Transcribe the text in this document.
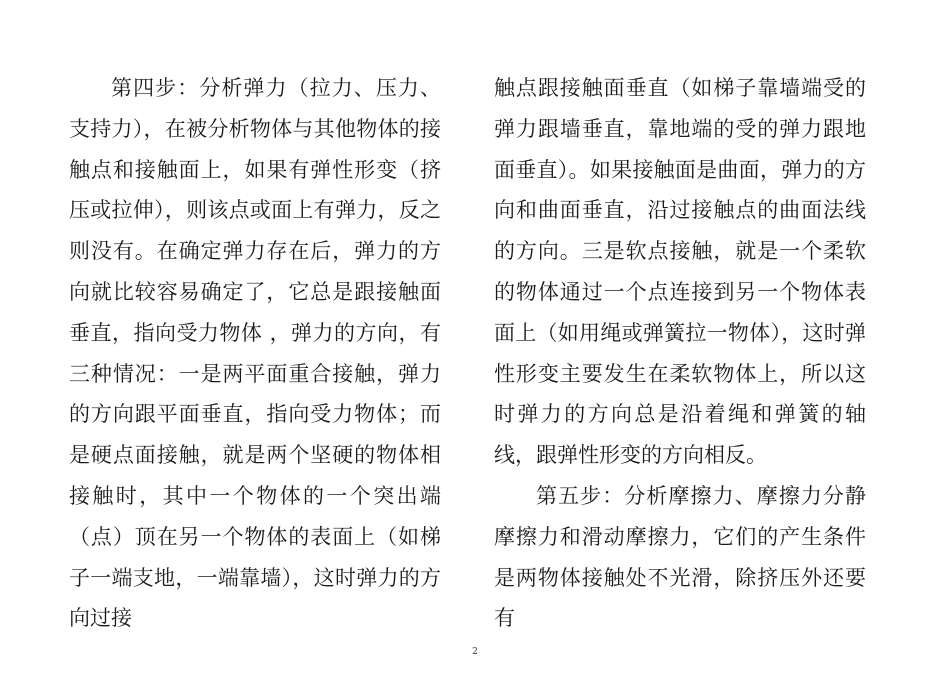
第四步：分析弹力（拉力、压力、支持力），在被分析物体与其他物体的接触点和接触面上，如果有弹性形变（挤压或拉伸），则该点或面上有弹力，反之则没有。在确定弹力存在后，弹力的方向就比较容易确定了，它总是跟接触面垂直，指向受力物体 ，弹力的方向，有三种情况：一是两平面重合接触，弹力的方向跟平面垂直，指向受力物体；而是硬点面接触，就是两个坚硬的物体相接触时，其中一个物体的一个突出端（点）顶在另一个物体的表面上（如梯子一端支地，一端靠墙），这时弹力的方向过接

触点跟接触面垂直（如梯子靠墙端受的弹力跟墙垂直，靠地端的受的弹力跟地面垂直）。如果接触面是曲面，弹力的方向和曲面垂直，沿过接触点的曲面法线的方向。三是软点接触，就是一个柔软的物体通过一个点连接到另一个物体表面上（如用绳或弹簧拉一物体），这时弹性形变主要发生在柔软物体上，所以这时弹力的方向总是沿着绳和弹簧的轴线，跟弹性形变的方向相反。

第五步：分析摩擦力、摩擦力分静摩擦力和滑动摩擦力，它们的产生条件是两物体接触处不光滑，除挤压外还要有

2
